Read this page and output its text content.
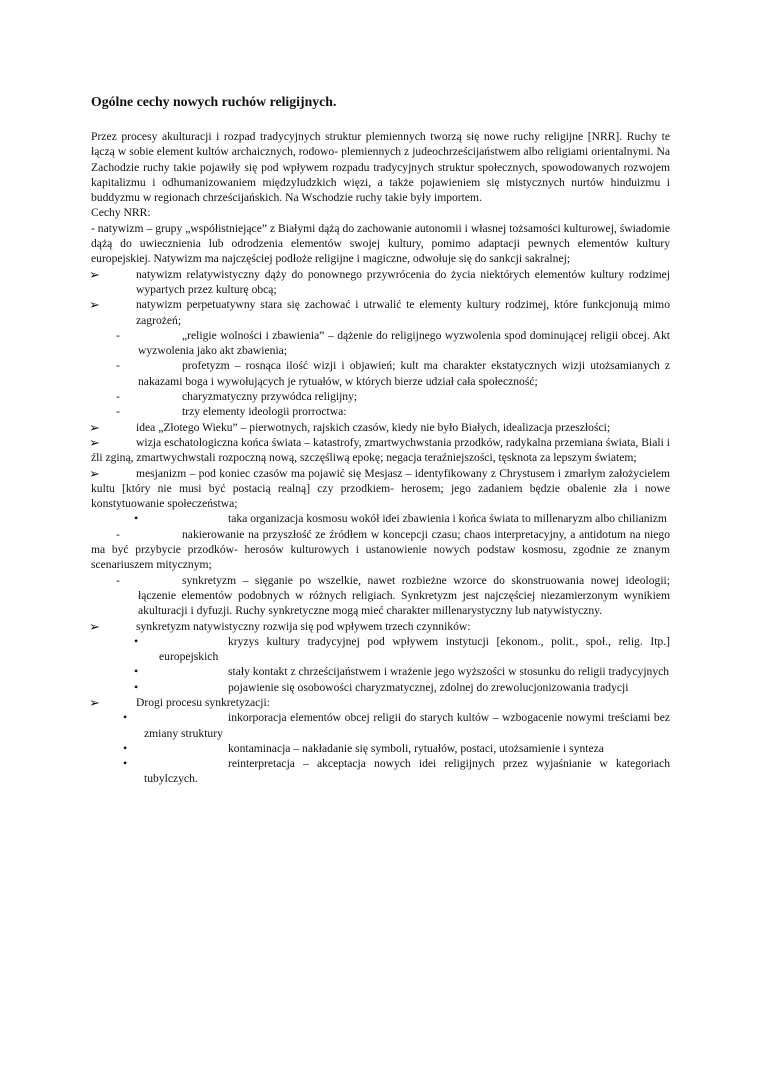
Ogólne cechy nowych ruchów religijnych.

Przez procesy akulturacji i rozpad tradycyjnych struktur plemiennych tworzą się nowe ruchy religijne [NRR]. Ruchy te łączą w sobie element kultów archaicznych, rodowo- plemiennych z judeochrześcijaństwem albo religiami orientalnymi. Na Zachodzie ruchy takie pojawiły się pod wpływem rozpadu tradycyjnych struktur społecznych, spowodowanych rozwojem kapitalizmu i odhumanizowaniem międzyludzkich więzi, a także pojawieniem się mistycznych nurtów hinduizmu i buddyzmu w regionach chrześcijańskich. Na Wschodzie ruchy takie były importem.

Cechy NRR:

- natywizm – grupy „współistniejące” z Białymi dążą do zachowanie autonomii i własnej tożsamości kulturowej, świadomie dążą do uwiecznienia lub odrodzenia elementów swojej kultury, pomimo adaptacji pewnych elementów kultury europejskiej. Natywizm ma najczęściej podłoże religijne i magiczne, odwołuje się do sankcji sakralnej;

➢	natywizm relatywistyczny dąży do ponownego przywrócenia do życia niektórych elementów kultury rodzimej wypartych przez kulturę obcą;
➢	natywizm perpetuatywny stara się zachować i utrwalić te elementy kultury rodzimej, które funkcjonują mimo zagrożeń;
-	„religie wolności i zbawienia” – dążenie do religijnego wyzwolenia spod dominującej religii obcej. Akt wyzwolenia jako akt zbawienia;
-	profetyzm – rosnąca ilość wizji i objawień; kult ma charakter ekstatycznych wizji utożsamianych z nakazami boga i wywołujących je rytuałów, w których bierze udział cała społeczność;
-	charyzmatyczny przywódca religijny;
-	trzy elementy ideologii prorroctwa:
➢	idea „Złotego Wieku” – pierwotnych, rajskich czasów, kiedy nie było Białych, idealizacja przeszłości;
➢	wizja eschatologiczna końca świata – katastrofy, zmartwychwstania przodków, radykalna przemiana świata, Biali i źli zginą, zmartwychwstali rozpoczną nową, szczęśliwą epokę; negacja teraźniejszości, tęsknota za lepszym światem;
➢	mesjanizm – pod koniec czasów ma pojawić się Mesjasz – identyfikowany z Chrystusem i zmarłym założycielem kultu [który nie musi być postacią realną] czy przodkiem- herosem; jego zadaniem będzie obalenie zła i nowe konstytuowanie społeczeństwa;
•	taka organizacja kosmosu wokół idei zbawienia i końca świata to millenaryzm albo chilianizm
-	nakierowanie na przyszłość ze źródłem w koncepcji czasu; chaos interpretacyjny, a antidotum na niego ma być przybycie przodków- herosów kulturowych i ustanowienie nowych podstaw kosmosu, zgodnie ze znanym scenariuszem mitycznym;
-	synkretyzm – sięganie po wszelkie, nawet rozbieżne wzorce do skonstruowania nowej ideologii; łączenie elementów podobnych w różnych religiach. Synkretyzm jest najczęściej niezamierzonym wynikiem akulturacji i dyfuzji. Ruchy synkretyczne mogą mieć charakter millenarystyczny lub natywistyczny.
➢	synkretyzm natywistyczny rozwija się pod wpływem trzech czynników:
•	kryzys kultury tradycyjnej pod wpływem instytucji [ekonom., polit., społ., relig. Itp.] europejskich
•	stały kontakt z chrześcijaństwem i wrażenie jego wyższości w stosunku do religii tradycyjnych
•	pojawienie się osobowości charyzmatycznej, zdolnej do zrewolucjonizowania tradycji
➢	Drogi procesu synkretyzacji:
•	inkorporacja elementów obcej religii do starych kultów – wzbogacenie nowymi treściami bez zmiany struktury
•	kontaminacja – nakładanie się symboli, rytuałów, postaci, utożsamienie i synteza
•	reinterpretacja – akceptacja nowych idei religijnych przez wyjaśnianie w kategoriach tubylczych.
